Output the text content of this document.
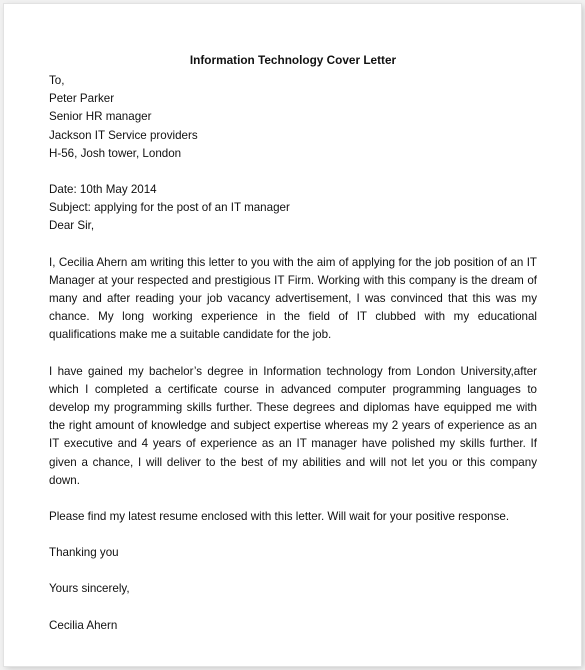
Information Technology Cover Letter
To,
Peter Parker
Senior HR manager
Jackson IT Service providers
H-56, Josh tower, London
Date: 10th May 2014
Subject: applying for the post of an IT manager
Dear Sir,

I, Cecilia Ahern am writing this letter to you with the aim of applying for the job position of an IT Manager at your respected and prestigious IT Firm. Working with this company is the dream of many and after reading your job vacancy advertisement, I was convinced that this was my chance. My long working experience in the field of IT clubbed with my educational qualifications make me a suitable candidate for the job.

I have gained my bachelor’s degree in Information technology from London University,after which I completed a certificate course in advanced computer programming languages to develop my programming skills further. These degrees and diplomas have equipped me with the right amount of knowledge and subject expertise whereas my 2 years of experience as an IT executive and 4 years of experience as an IT manager have polished my skills further. If given a chance, I will deliver to the best of my abilities and will not let you or this company down.

Please find my latest resume enclosed with this letter. Will wait for your positive response.

Thanking you
Yours sincerely,
Cecilia Ahern
